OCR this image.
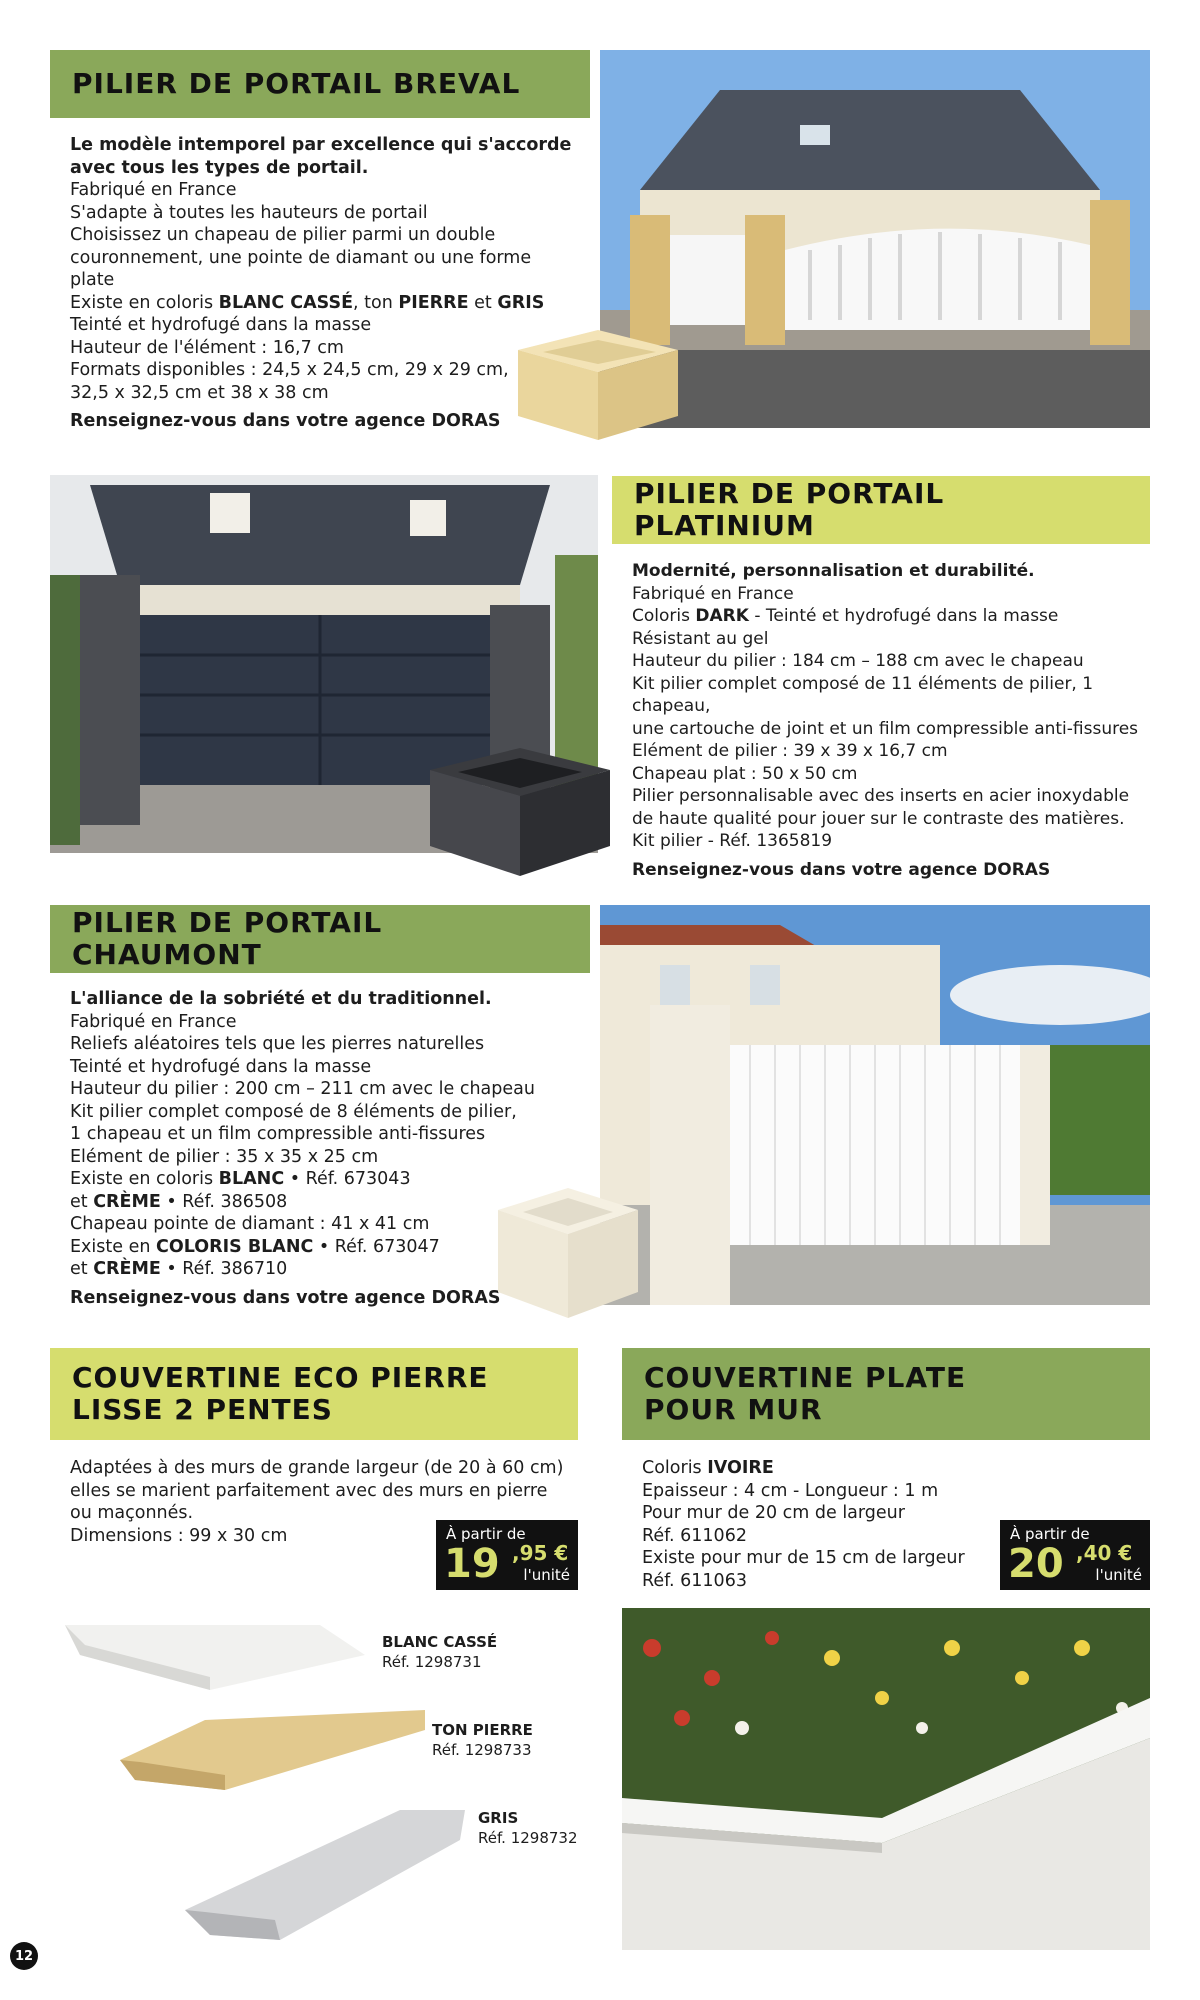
PILIER DE PORTAIL BREVAL

Le modèle intemporel par excellence qui s'accorde

avec tous les types de portail.

Fabriqué en France

S'adapte à toutes les hauteurs de portail

Choisissez un chapeau de pilier parmi un double

couronnement, une pointe de diamant ou une forme

plate

Existe en coloris BLANC CASSÉ, ton PIERRE et GRIS

Teinté et hydrofugé dans la masse

Hauteur de l'élément : 16,7 cm

Formats disponibles : 24,5 x 24,5 cm, 29 x 29 cm,

32,5 x 32,5 cm et 38 x 38 cm

Renseignez-vous dans votre agence DORAS

PILIER DE PORTAIL PLATINIUM

Modernité, personnalisation et durabilité.

Fabriqué en France

Coloris DARK - Teinté et hydrofugé dans la masse

Résistant au gel

Hauteur du pilier : 184 cm – 188 cm avec le chapeau

Kit pilier complet composé de 11 éléments de pilier, 1 chapeau,

une cartouche de joint et un film compressible anti-fissures

Elément de pilier : 39 x 39 x 16,7 cm

Chapeau plat : 50 x 50 cm

Pilier personnalisable avec des inserts en acier inoxydable

de haute qualité pour jouer sur le contraste des matières.

Kit pilier - Réf. 1365819

Renseignez-vous dans votre agence DORAS

PILIER DE PORTAIL CHAUMONT

L'alliance de la sobriété et du traditionnel.

Fabriqué en France

Reliefs aléatoires tels que les pierres naturelles

Teinté et hydrofugé dans la masse

Hauteur du pilier : 200 cm – 211 cm avec le chapeau

Kit pilier complet composé de 8 éléments de pilier,

1 chapeau et un film compressible anti-fissures

Elément de pilier : 35 x 35 x 25 cm

Existe en coloris BLANC • Réf. 673043

et CRÈME • Réf. 386508

Chapeau pointe de diamant : 41 x 41 cm

Existe en COLORIS BLANC • Réf. 673047

et CRÈME • Réf. 386710

Renseignez-vous dans votre agence DORAS

COUVERTINE ECO PIERRE
LISSE 2 PENTES

Adaptées à des murs de grande largeur (de 20 à 60 cm)

elles se marient parfaitement avec des murs en pierre

ou maçonnés.

Dimensions : 99 x 30 cm	À partir de
19 ,95 €
l'unité
BLANC CASSÉ
Réf. 1298731
TON PIERRE
Réf. 1298733
GRIS
Réf. 1298732
COUVERTINE PLATE
POUR MUR

Coloris IVOIRE

Epaisseur : 4 cm - Longueur : 1 m

Pour mur de 20 cm de largeur

Réf. 611062

Existe pour mur de 15 cm de largeur

Réf. 611063

À partir de
20 ,40 €
l'unité
12
